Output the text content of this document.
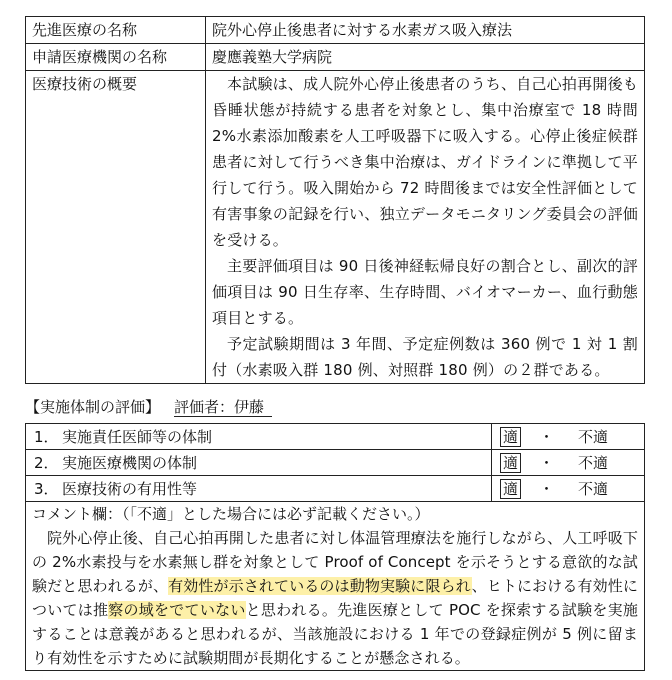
先進医療の名称	院外心停止後患者に対する水素ガス吸入療法
申請医療機関の名称	慶應義塾大学病院
医療技術の概要	本試験は、成人院外心停止後患者のうち、自己心拍再開後も昏睡状態が持続する患者を対象とし、集中治療室で 18 時間 2%水素添加酸素を人工呼吸器下に吸入する。心停止後症候群患者に対して行うべき集中治療は、ガイドラインに準拠して平行して行う。吸入開始から 72 時間後までは安全性評価として有害事象の記録を行い、独立データモニタリング委員会の評価を受ける。

主要評価項目は 90 日後神経転帰良好の割合とし、副次的評価項目は 90 日生存率、生存時間、バイオマーカー、血行動態項目とする。

予定試験期間は 3 年間、予定症例数は 360 例で 1 対 1 割付（水素吸入群 180 例、対照群 180 例）の２群である。

【実施体制の評価】 評価者：伊藤
1． 実施責任医師等の体制	適 ・ 不適
2． 実施医療機関の体制	適 ・ 不適
3． 医療技術の有用性等	適 ・ 不適

コメント欄：（「不適」とした場合には必ず記載ください。）

院外心停止後、自己心拍再開した患者に対し体温管理療法を施行しながら、人工呼吸下の 2%水素投与を水素無し群を対象として Proof of Concept を示そうとする意欲的な試験だと思われるが、有効性が示されているのは動物実験に限られ、ヒトにおける有効性については推察の域をでていないと思われる。先進医療として POC を探索する試験を実施することは意義があると思われるが、当該施設における 1 年での登録症例が 5 例に留まり有効性を示すために試験期間が長期化することが懸念される。	
